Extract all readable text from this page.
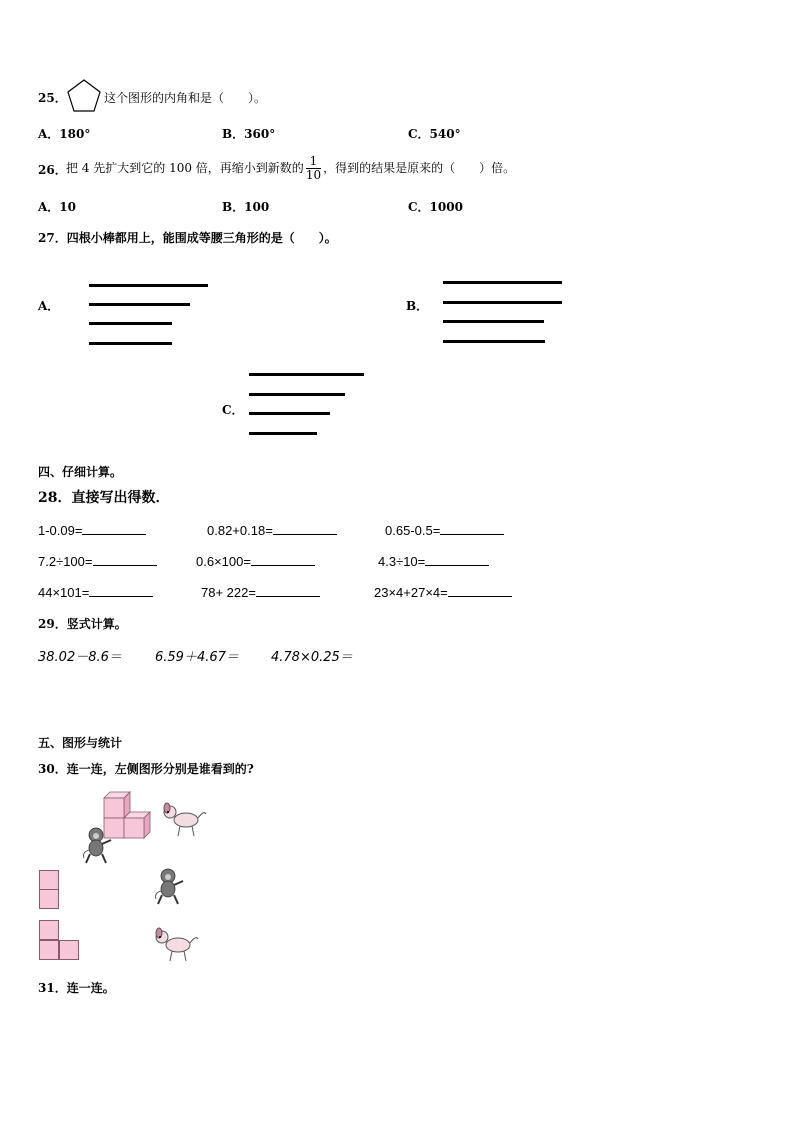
25．	这个图形的内角和是（　　）。
A．180°	B．360°	C．540°
26． 把 4 先扩大到它的 100 倍，再缩小到新数的 $\frac{1}{10}$ ，得到的结果是原来的（　　）倍。
A．10	B．100	C．1000
27．四根小棒都用上，能围成等腰三角形的是（　　）。
A．	B．
C．
四、仔细计算。
28．直接写出得数．
1-0.09=	0.82+0.18=	0.65-0.5=
7.2÷100=	0.6×100=	4.3÷10=
44×101=	78+ 222=	23×4+27×4=
29．竖式计算。
38.02－8.6＝	6.59＋4.67＝ 4.78×0.25＝
五、图形与统计
30．连一连，左侧图形分别是谁看到的?
31．连一连。
